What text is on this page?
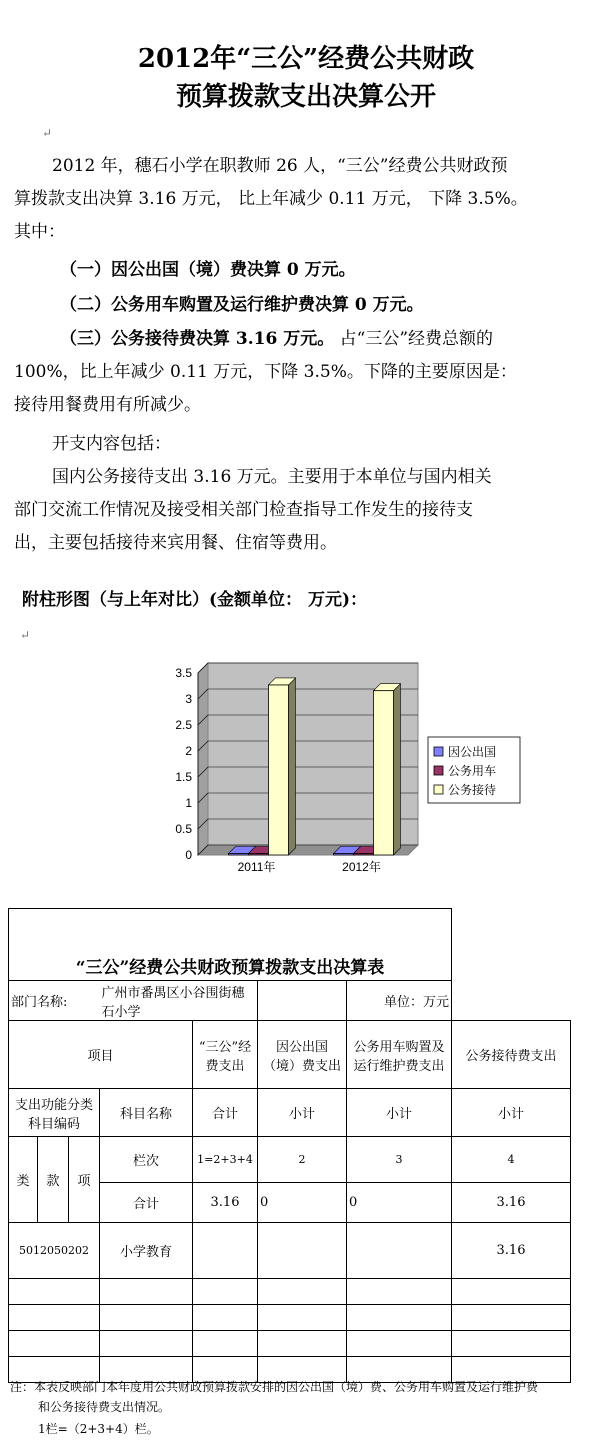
2012年“三公”经费公共财政
预算拨款支出决算公开
↵
2012 年，穗石小学在职教师 26 人，“三公”经费公共财政预
算拨款支出决算 3.16 万元， 比上年减少 0.11 万元， 下降 3.5%。
其中：
（一）因公出国（境）费决算 0 万元。
（二）公务用车购置及运行维护费决算 0 万元。
（三）公务接待费决算 3.16 万元。 占“三公”经费总额的
100%，比上年减少 0.11 万元，下降 3.5%。下降的主要原因是：
接待用餐费用有所减少。
开支内容包括：
国内公务接待支出 3.16 万元。主要用于本单位与国内相关
部门交流工作情况及接受相关部门检查指导工作发生的接待支
出，主要包括接待来宾用餐、住宿等费用。
附柱形图（与上年对比）(金额单位： 万元)：
↵
0
0.5
1
1.5
2
2.5
3
3.5
2011年	2012年
因公出国
公务用车
公务接待

“三公”经费公共财政预算拨款支出决算表							
部门名称:			广州市番禺区小谷围街穗石小学			单位：万元	
项目				“三公”经费支出	因公出国（境）费支出	公务用车购置及运行维护费支出	公务接待费支出
支出功能分类科目编码			科目名称	合计	小计	小计	小计
类	款	项	栏次	1=2+3+4	2	3	4
			合计	3.16	0	0	3.16
5012050202			小学教育				3.16

注：本表反映部门本年度用公共财政预算拨款安排的因公出国（境）费、公务用车购置及运行维护费
和公务接待费支出情况。
1栏=（2+3+4）栏。
